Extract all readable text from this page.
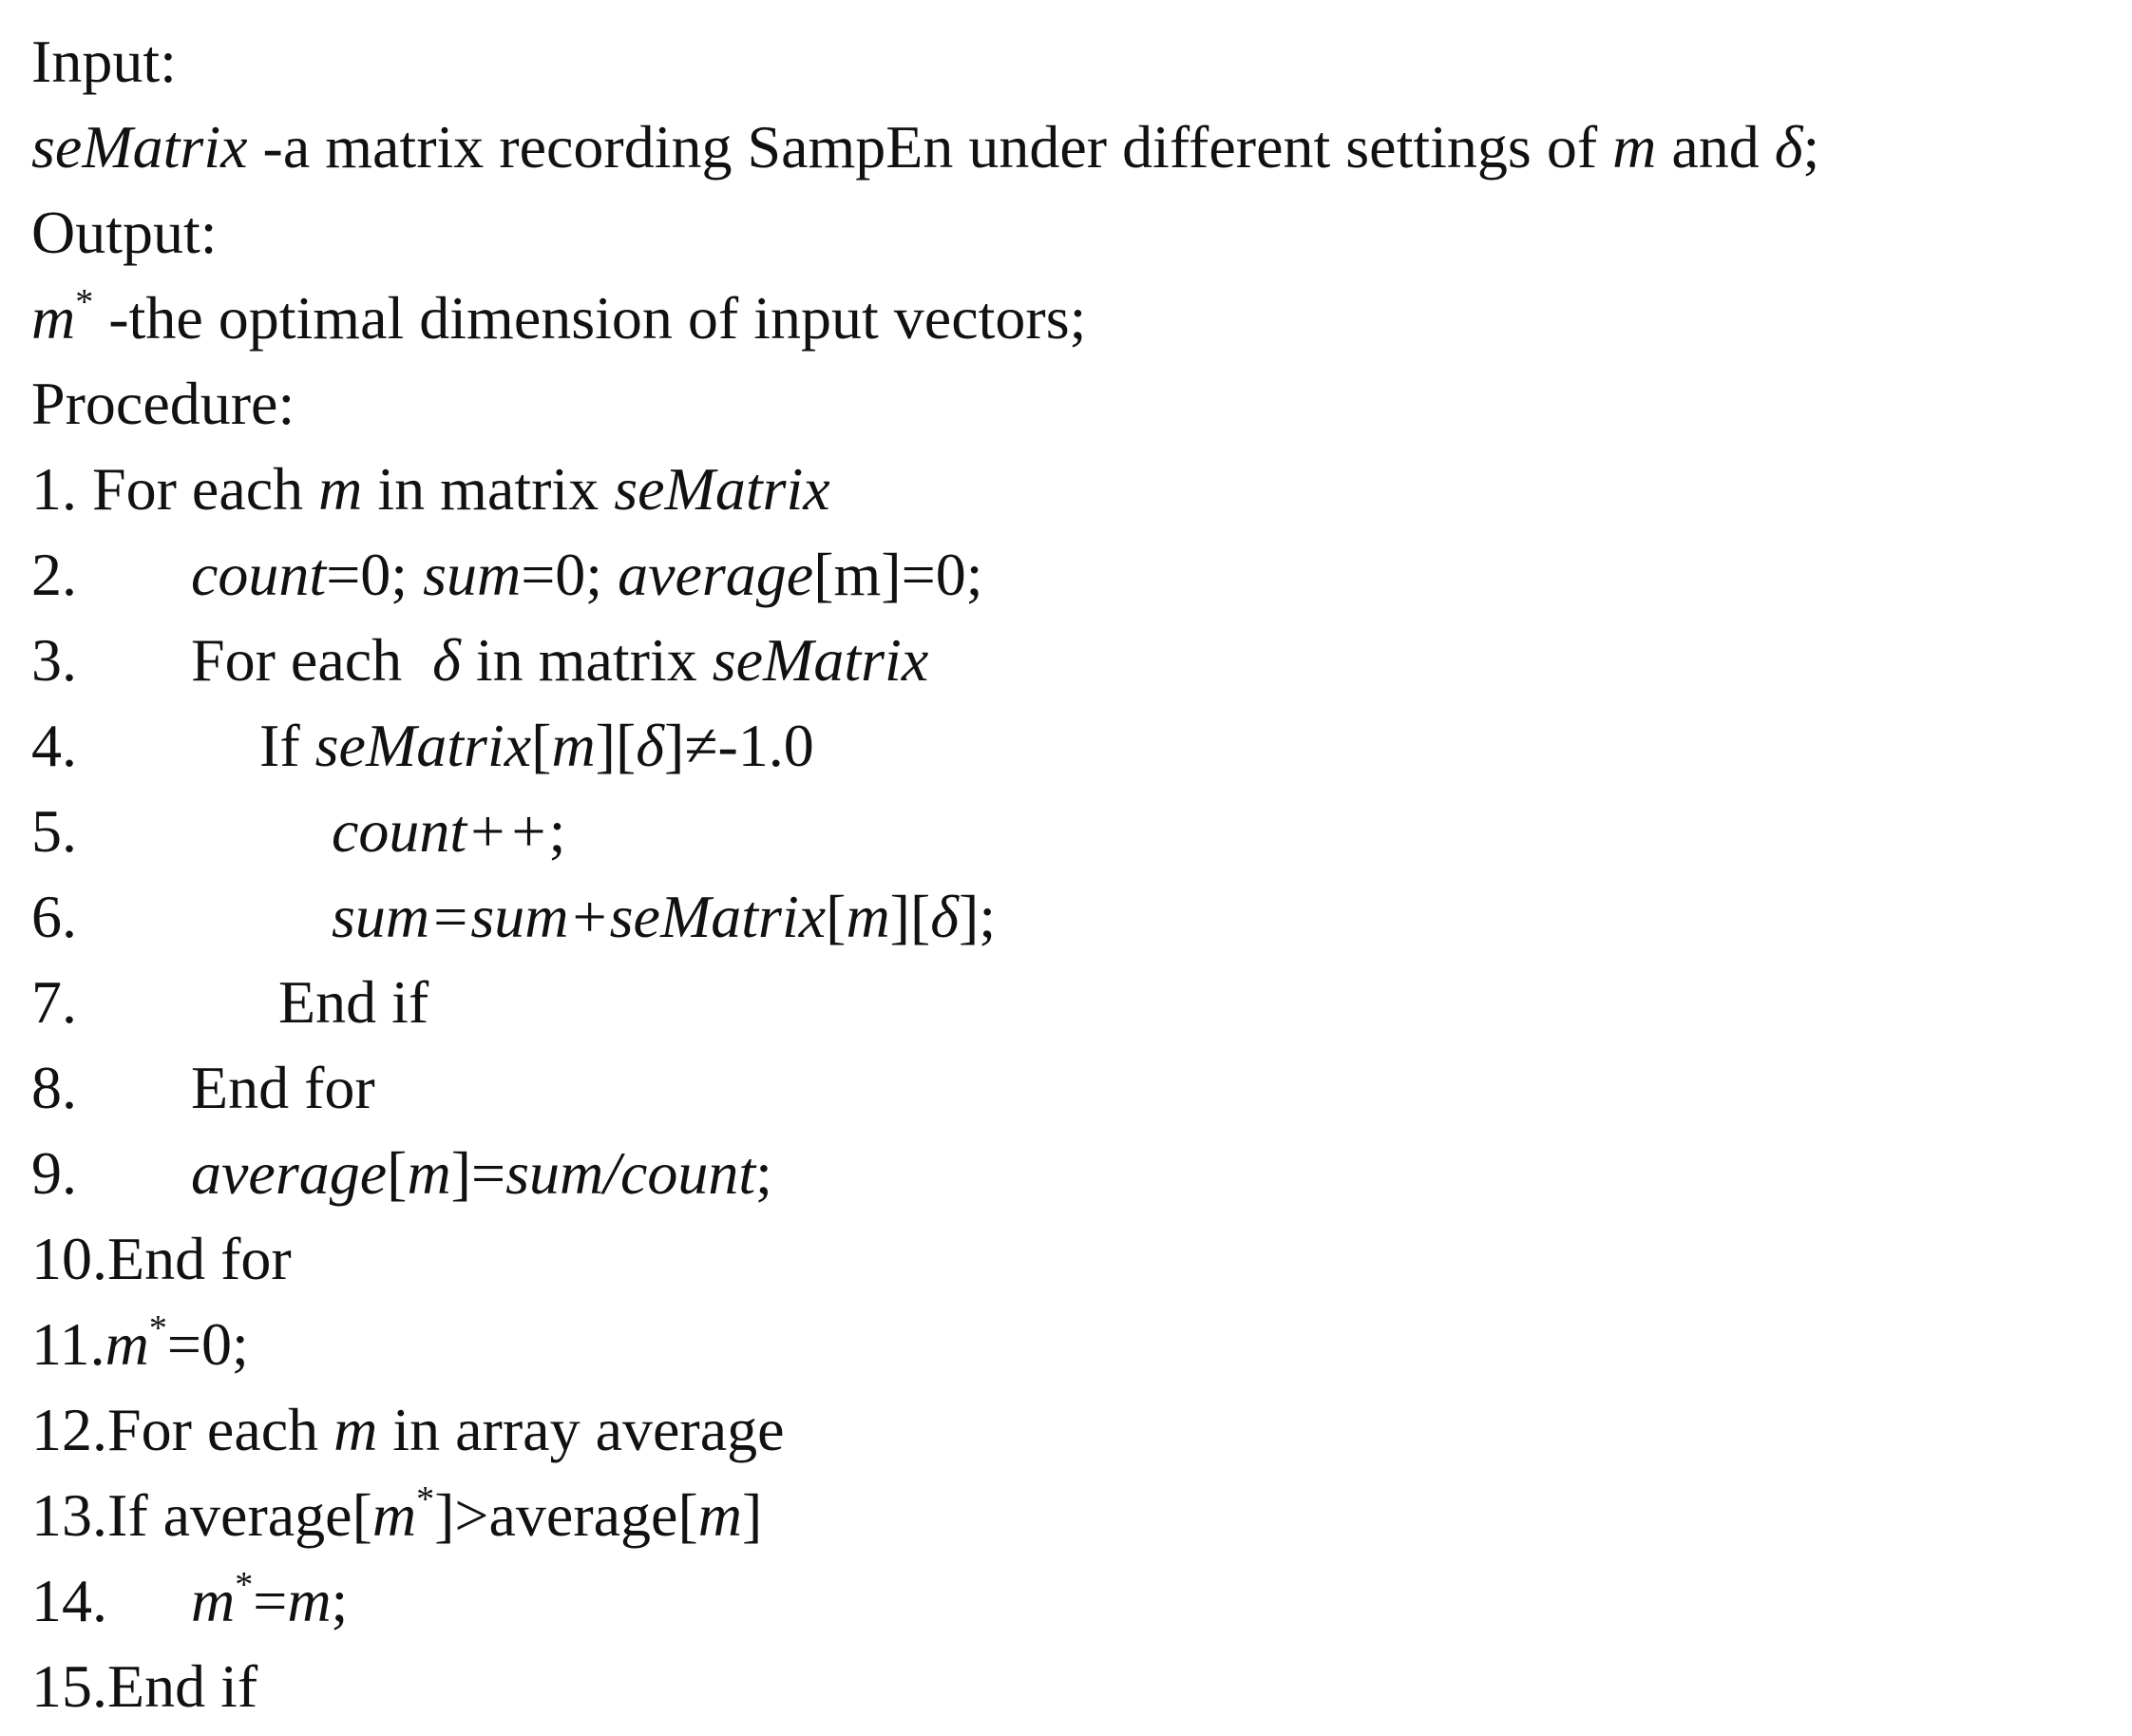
Input:
seMatrix -a matrix recording SampEn under different settings of m and δ;
Output:
m* -the optimal dimension of input vectors;
Procedure:
1. For each m in matrix seMatrix
2. count=0; sum=0; average[m]=0;
3. For each  δ in matrix seMatrix
4.	If seMatrix[m][δ]≠-1.0
5.	count++;
6.	sum=sum+seMatrix[m][δ];
7.	End if
8. End for
9. average[m]=sum/count;
10.End for
11.m*=0;
12.For each m in array average
13.If average[m*]>average[m]
14. m*=m;
15.End if
